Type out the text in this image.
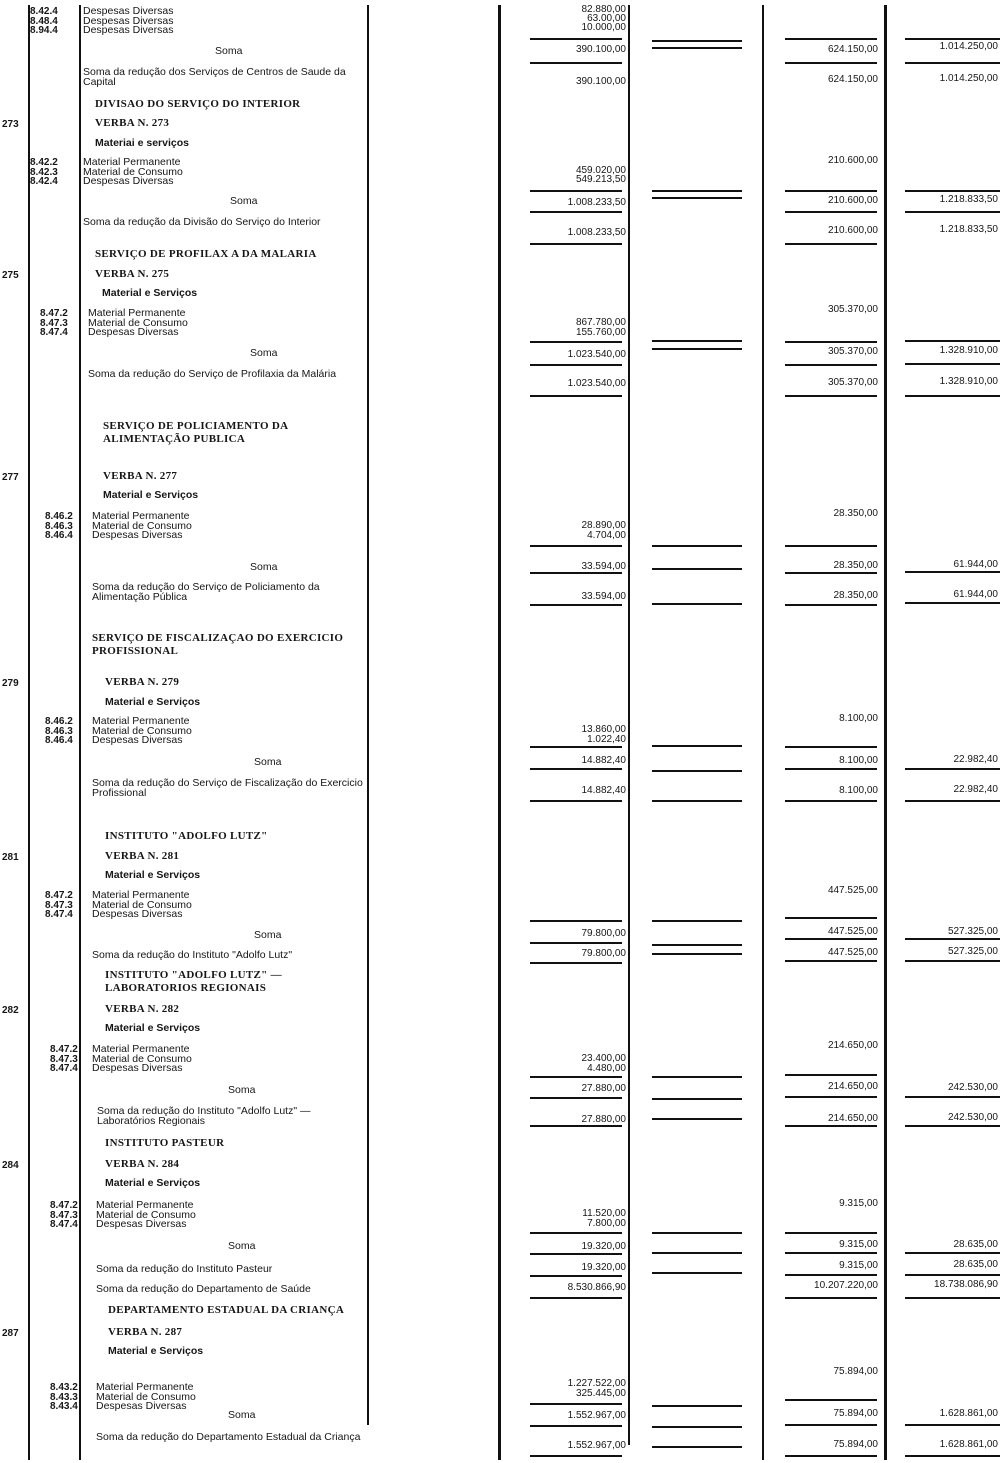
8.42.4 Despesas Diversas
8.48.4 Despesas Diversas
8.94.4 Despesas Diversas
Soma
Soma da redução dos Serviços de Centros de Saude da Capital
DIVISAO DO SERVIÇO DO INTERIOR
VERBA N. 273
273
Materiai e serviços
8.42.2 Material Permanente
8.42.3 Material de Consumo
8.42.4 Despesas Diversas
Soma
Soma da redução da Divisão do Serviço do Interior
SERVIÇO DE PROFILAX A DA MALARIA
VERBA N. 275
275
Material e Serviços
8.47.2 Material Permanente
8.47.3 Material de Consumo
8.47.4 Despesas Diversas
Soma
Soma da redução do Serviço de Profilaxia da Malária
SERVIÇO DE POLICIAMENTO DA ALIMENTAÇÃO PUBLICA
VERBA N. 277
277
Material e Serviços
8.46.2 Material Permanente
8.46.3 Material de Consumo
8.46.4 Despesas Diversas
Soma
Soma da redução do Serviço de Policiamento da Alimentação Pública
SERVIÇO DE FISCALIZAÇAO DO EXERCICIO PROFISSIONAL
VERBA N. 279
279
Material e Serviços
8.46.2 Material Permanente
8.46.3 Material de Consumo
8.46.4 Despesas Diversas
Soma
Soma da redução do Serviço de Fiscalização do Exercicio Profissional
INSTITUTO "ADOLFO LUTZ"
VERBA N. 281
281
Material e Serviços
8.47.2 Material Permanente
8.47.3 Material de Consumo
8.47.4 Despesas Diversas
Soma
Soma da redução do Instituto "Adolfo Lutz"
INSTITUTO "ADOLFO LUTZ" — LABORATORIOS REGIONAIS
VERBA N. 282
282
Material e Serviços
8.47.2 Material Permanente
8.47.3 Material de Consumo
8.47.4 Despesas Diversas
Soma
Soma da redução do Instituto "Adolfo Lutz" — Laboratórios Regionais
INSTITUTO PASTEUR
VERBA N. 284
284
Material e Serviços
8.47.2 Material Permanente
8.47.3 Material de Consumo
8.47.4 Despesas Diversas
Soma
Soma da redução do Instituto Pasteur
Soma da redução do Departamento de Saúde
DEPARTAMENTO ESTADUAL DA CRIANÇA
VERBA N. 287
287
Material e Serviços
8.43.2 Material Permanente
8.43.3 Material de Consumo
8.43.4 Despesas Diversas
Soma
Soma da redução do Departamento Estadual da Criança
82.880,00
63.00,00
10.000,00
390.100,00
390.100,00
459.020,00
549.213,50
1.008.233,50
1.008.233,50
867.780,00
155.760,00
1.023.540,00
1.023.540,00
28.890,00
4.704,00
33.594,00
33.594,00
13.860,00
1.022,40
14.882,40
14.882,40
79.800,00
79.800,00
23.400,00
4.480,00
27.880,00
27.880,00
11.520,00
7.800,00
19.320,00
19.320,00
8.530.866,90
1.227.522,00
325.445,00
1.552.967,00
1.552.967,00
624.150,00
624.150,00
210.600,00
210.600,00
210.600,00
305.370,00
305.370,00
305.370,00
28.350,00
28.350,00
28.350,00
8.100,00
8.100,00
8.100,00
447.525,00
447.525,00
447.525,00
214.650,00
214.650,00
214.650,00
9.315,00
9.315,00
9.315,00
10.207.220,00
75.894,00
75.894,00
75.894,00
1.014.250,00
1.014.250,00
1.218.833,50
1.218.833,50
1.328.910,00
1.328.910,00
61.944,00
61.944,00
22.982,40
22.982,40
527.325,00
527.325,00
242.530,00
242.530,00
28.635,00
28.635,00
18.738.086,90
1.628.861,00
1.628.861,00
